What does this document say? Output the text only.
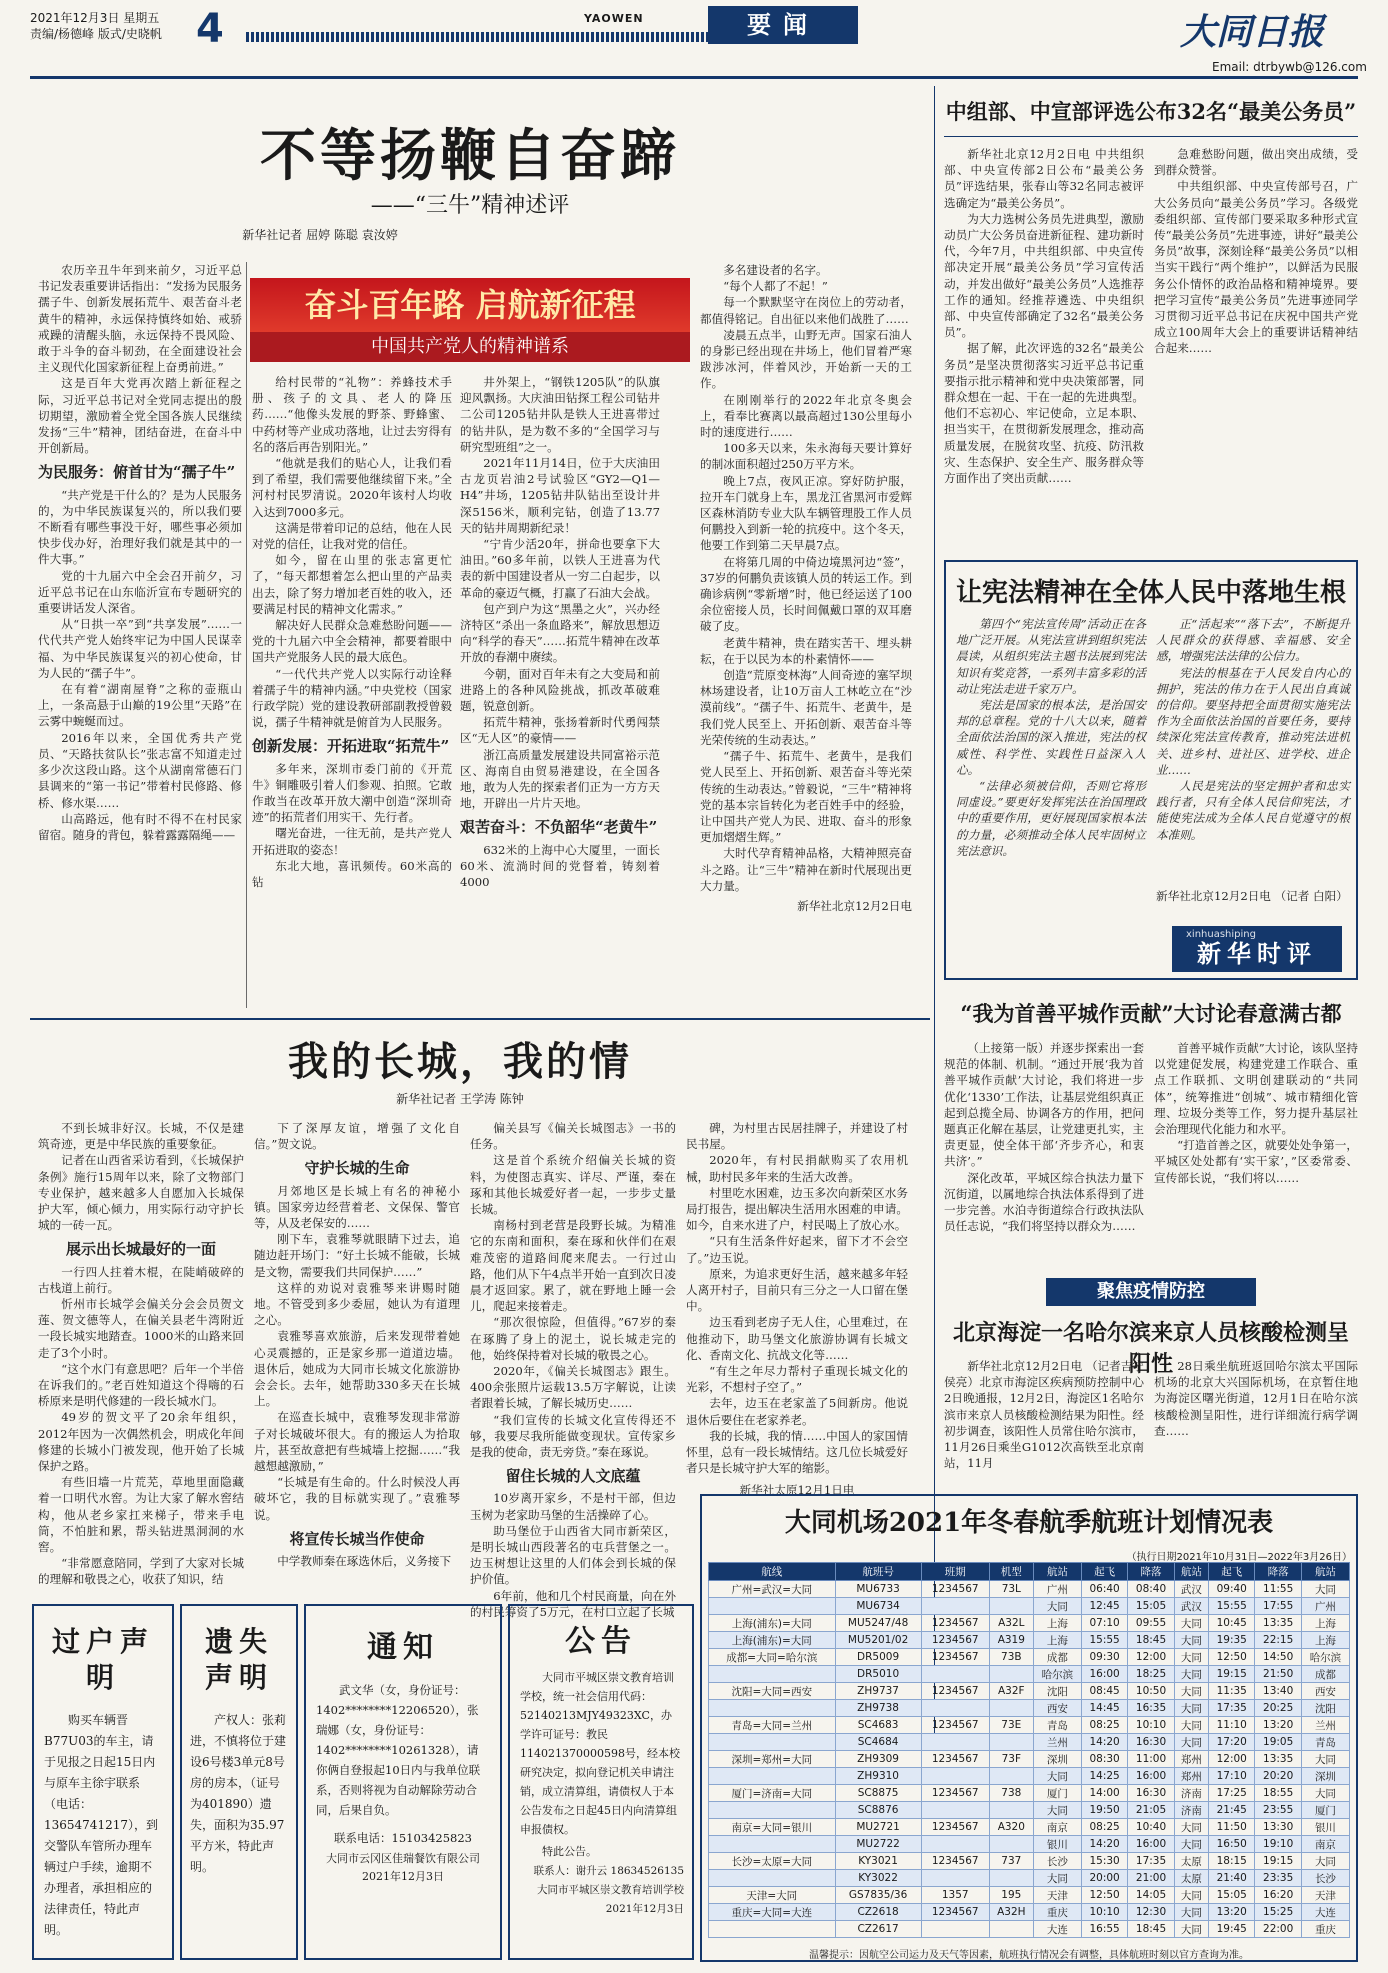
2021年12月3日 星期五
责编/杨德峰 版式/史晓帆 4	YAOWEN	要闻	大同日报
Email: dtrbywb@126.com
不等扬鞭自奋蹄
——“三牛”精神述评
新华社记者 屈婷 陈聪 袁汝婷
奋斗百年路 启航新征程
中国共产党人的精神谱系

农历辛丑牛年到来前夕，习近平总书记发表重要讲话指出：“发扬为民服务孺子牛、创新发展拓荒牛、艰苦奋斗老黄牛的精神，永远保持慎终如始、戒骄戒躁的清醒头脑，永远保持不畏风险、敢于斗争的奋斗韧劲，在全面建设社会主义现代化国家新征程上奋勇前进。”

这是百年大党再次踏上新征程之际，习近平总书记对全党同志提出的殷切期望，激励着全党全国各族人民继续发扬“三牛”精神，团结奋进，在奋斗中开创新局。

为民服务：俯首甘为“孺子牛”

“共产党是干什么的？是为人民服务的，为中华民族谋复兴的，所以我们要不断看有哪些事没干好，哪些事必须加快步伐办好，治理好我们就是其中的一件大事。”

党的十九届六中全会召开前夕，习近平总书记在山东临沂宣布专题研究的重要讲话发人深省。

从“日拱一卒”到“共享发展”……一代代共产党人始终牢记为中国人民谋幸福、为中华民族谋复兴的初心使命，甘为人民的“孺子牛”。

在有着“湖南屋脊”之称的壶瓶山上，一条高悬于山巅的19公里“天路”在云雾中蜿蜒而过。

2016年以来，全国优秀共产党员、“天路扶贫队长”张志富不知道走过多少次这段山路。这个从湖南常德石门县调来的“第一书记”带着村民修路、修桥、修水渠……

山高路远，他有时不得不在村民家留宿。随身的背包，躲着露露隔绳——

给村民带的“礼物”：养蜂技术手册、孩子的文具、老人的降压药……“他像头发展的野茶、野蜂蜜、中药材等产业成功落地，让过去穷得有名的落后再告别阳光。”

“他就是我们的贴心人，让我们看到了希望，我们需要他继续留下来。”全河村村民罗清说。2020年该村人均收入达到7000多元。

这满是带着印记的总结，他在人民对党的信任，让我对党的信任。

如今，留在山里的张志富更忙了，“每天都想着怎么把山里的产品卖出去，除了努力增加老百姓的收入，还要满足村民的精神文化需求。”

解决好人民群众急难愁盼问题——党的十九届六中全会精神，都要着眼中国共产党服务人民的最大底色。

“一代代共产党人以实际行动诠释着孺子牛的精神内涵。”中央党校（国家行政学院）党的建设教研部副教授曾毅说，孺子牛精神就是俯首为人民服务。

创新发展：开拓进取“拓荒牛”

多年来，深圳市委门前的《开荒牛》铜雕吸引着人们参观、拍照。它敢作敢当在改革开放大潮中创造“深圳奇迹”的拓荒者们用实干、先行者。

曙光奋进，一往无前，是共产党人开拓进取的姿态！

东北大地，喜讯频传。60米高的钻

井外架上，“钢铁1205队”的队旗迎风飘扬。大庆油田钻探工程公司钻井二公司1205钻井队是铁人王进喜带过的钻井队，是为数不多的“全国学习与研究型班组”之一。

2021年11月14日，位于大庆油田古龙页岩油2号试验区“GY2—Q1—H4”井场，1205钻井队钻出至设计井深5156米，顺利完钻，创造了13.77天的钻井周期新纪录！

“宁肯少活20年，拼命也要拿下大油田。”60多年前，以铁人王进喜为代表的新中国建设者从一穷二白起步，以革命的豪迈气概，打赢了石油大会战。

包产到户为这“黑墨之火”，兴办经济特区“杀出一条血路来”，解放思想迈向“科学的春天”……拓荒牛精神在改革开放的春潮中赓续。

今朝，面对百年未有之大变局和前进路上的各种风险挑战，抓改革破难题，锐意创新。

拓荒牛精神，张扬着新时代勇闯禁区“无人区”的豪情——

浙江高质量发展建设共同富裕示范区、海南自由贸易港建设，在全国各地，敢为人先的探索者们正为一方方天地，开辟出一片片天地。

艰苦奋斗：不负韶华“老黄牛”

632米的上海中心大厦里，一面长60米、流淌时间的党督着，铸刻着4000

多名建设者的名字。

“每个人都了不起！”

每一个默默坚守在岗位上的劳动者，都值得铭记。自出征以来他们战胜了……

凌晨五点半，山野无声。国家石油人的身影已经出现在井场上，他们冒着严寒跋涉冰河，伴着风沙，开始新一天的工作。

在刚刚举行的2022年北京冬奥会上，看奉比赛离以最高超过130公里每小时的速度进行……

100多天以来，朱永海每天要计算好的制冰面积超过250万平方米。

晚上7点，夜风正凉。穿好防护服，拉开车门就身上车，黑龙江省黑河市爱辉区森林消防专业大队车辆管理股工作人员何鹏投入到新一轮的抗疫中。这个冬天，他要工作到第二天早晨7点。

在将第几周的中倚边境黑河边“签”，37岁的何鹏负责该镇人员的转运工作。到确诊病例“零新增”时，他已经运送了100余位密接人员，长时间佩戴口罩的双耳磨破了皮。

老黄牛精神，贵在踏实苦干、埋头耕耘，在于以民为本的朴素情怀——

创造“荒原变林海”人间奇迹的塞罕坝林场建设者，让10万亩人工林屹立在“沙漠前线”。“孺子牛、拓荒牛、老黄牛，是我们党人民至上、开拓创新、艰苦奋斗等光荣传统的生动表达。”

“孺子牛、拓荒牛、老黄牛，是我们党人民至上、开拓创新、艰苦奋斗等光荣传统的生动表达。”曾毅说，“三牛”精神将党的基本宗旨转化为老百姓手中的经验，让中国共产党人为民、进取、奋斗的形象更加熠熠生辉。”

大时代孕育精神品格，大精神照亮奋斗之路。让“三牛”精神在新时代展现出更大力量。

新华社北京12月2日电
我的长城，我的情
新华社记者 王学涛 陈钟

不到长城非好汉。长城，不仅是建筑奇迹，更是中华民族的重要象征。

记者在山西省采访看到，《长城保护条例》施行15周年以来，除了文物部门专业保护，越来越多人自愿加入长城保护大军，倾心倾力，用实际行动守护长城的一砖一瓦。

展示出长城最好的一面

一行四人拄着木棍，在陡峭破碎的古栈道上前行。

忻州市长城学会偏关分会会员贺文莲、贺文德等人，在偏关县老牛湾附近一段长城实地踏查。1000米的山路来回走了3个小时。

“这个水门有意思吧？后年一个半倍在诉我们的。”老百姓知道这个得嗨的石桥原来是明代修建的一段长城水门。

49岁的贺文平了20余年组织，2012年因为一次偶然机会，明成化年间修建的长城小门被发现，他开始了长城保护之路。

有些旧墙一片荒芜，草地里面隐藏着一口明代水窖。为让大家了解水窖结构，他从老乡家扛来梯子，带来手电筒，不怕脏和累，帮头钻进黑洞洞的水窖。

“非常愿意陪同，学到了大家对长城的理解和敬畏之心，收获了知识，结

下了深厚友谊，增强了文化自信。”贺文说。

守护长城的生命

月郊地区是长城上有名的神秘小镇。国家旁边经营着老、文保保、警官等，从及老保安的……

刚下车，袁雅琴就眼睛下过去，追随边赶开场门：“好土长城不能破，长城是文物，需要我们共同保护……”

这样的劝说对袁雅琴来讲赐时随地。不管受到多少委屈，她认为有道理之心。

袁雅琴喜欢旅游，后来发现带着她心灵震撼的，正是家乡那一道道边墙。退休后，她成为大同市长城文化旅游协会会长。去年，她帮助330多天在长城上。

在巡查长城中，袁雅琴发现非常游子对长城破坏很大。有的搬运人为拾取片，甚至故意把有些城墙上挖掘……“我越想越激励，”

“长城是有生命的。什么时候没人再破坏它，我的目标就实现了。”袁雅琴说。

将宣传长城当作使命

中学教师秦在琢选休后，义务接下

偏关县写《偏关长城图志》一书的任务。

这是首个系统介绍偏关长城的资料，为使图志真实、详尽、严谨，秦在琢和其他长城爱好者一起，一步步丈量长城。

南杨村到老营是段野长城。为精准它的东南和面积，秦在琢和伙伴们在艰难茂密的道路间爬来爬去。一行过山路，他们从下午4点半开始一直到次日凌晨才返回家。累了，就在野地上睡一会儿，爬起来接着走。

“那次很惊险，但值得。”67岁的秦在琢腾了身上的泥土，说长城走完的他，始终保持着对长城的敬畏之心。

2020年，《偏关长城图志》跟生。400余张照片运载13.5万字解说，让读者跟着长城，了解长城历史……

“我们宣传的长城文化宣传得还不够，我要尽我所能做变现状。宣传家乡是我的使命，责无旁贷。”秦在琢说。

留住长城的人文底蕴

10岁离开家乡，不是村干部，但边玉树为老家助马堡的生活操碎了心。

助马堡位于山西省大同市新荣区，是明长城山西段著名的屯兵营堡之一。边玉树想让这里的人们体会到长城的保护价值。

6年前，他和几个村民商量，向在外的村民筹资了5万元，在村口立起了长城

碑，为村里古民居挂牌子，并建设了村民书屋。

2020年，有村民捐献购买了农用机械，助村民多年来的生活大改善。

村里吃水困难，边玉多次向新荣区水务局打报告，提出解决生活用水困难的申请。如今，自来水进了户，村民喝上了放心水。

“只有生活条件好起来，留下才不会空了。”边玉说。

原来，为追求更好生活，越来越多年轻人离开村子，目前只有三分之一人口留在堡中。

边玉看到老房子无人住，心里难过，在他推动下，助马堡文化旅游协调有长城文化、香南文化、抗战文化等……

“有生之年尽力帮村子重现长城文化的光彩，不想村子空了。”

去年，边玉在老家盖了5间新房。他说退休后要住在老家养老。

我的长城，我的情……中国人的家国情怀里，总有一段长城情结。这几位长城爱好者只是长城守护大军的缩影。

新华社太原12月1日电
中组部、中宣部评选公布32名“最美公务员”

新华社北京12月2日电 中共组织部、中央宣传部2日公布“最美公务员”评选结果，张春山等32名同志被评选确定为“最美公务员”。

为大力选树公务员先进典型，激励动员广大公务员奋进新征程、建功新时代，今年7月，中共组织部、中央宣传部决定开展“最美公务员”学习宣传活动，并发出做好“最美公务员”人选推荐工作的通知。经推荐遴选、中央组织部、中央宣传部确定了32名“最美公务员”。

据了解，此次评选的32名“最美公务员”是坚决贯彻落实习近平总书记重要指示批示精神和党中央决策部署，同群众想在一起、干在一起的先进典型。他们不忘初心、牢记使命，立足本职、担当实干，在贯彻新发展理念，推动高质量发展，在脱贫攻坚、抗疫、防汛救灾、生态保护、安全生产、服务群众等方面作出了突出贡献……

急难愁盼问题，做出突出成绩，受到群众赞誉。

中共组织部、中央宣传部号召，广大公务员向“最美公务员”学习。各级党委组织部、宣传部门要采取多种形式宣传“最美公务员”先进事迹，讲好“最美公务员”故事，深刻诠释“最美公务员”以相当实干践行“两个维护”，以鲜活为民服务公仆情怀的政治品格和精神境界。要把学习宣传“最美公务员”先进事迹同学习贯彻习近平总书记在庆祝中国共产党成立100周年大会上的重要讲话精神结合起来……

让宪法精神在全体人民中落地生根

第四个“宪法宣传周”活动正在各地广泛开展。从宪法宣讲到组织宪法晨读，从组织宪法主题书法展到宪法知识有奖竞答，一系列丰富多彩的活动让宪法走进千家万户。

宪法是国家的根本法，是治国安邦的总章程。党的十八大以来，随着全面依法治国的深入推进，宪法的权威性、科学性、实践性日益深入人心。

“法律必须被信仰，否则它将形同虚设。”要更好发挥宪法在治国理政中的重要作用，更好展现国家根本法的力量，必须推动全体人民牢固树立宪法意识。

正“活起来”“落下去”，不断提升人民群众的获得感、幸福感、安全感，增强宪法法律的公信力。

宪法的根基在于人民发自内心的拥护，宪法的伟力在于人民出自真诚的信仰。要坚持把全面贯彻实施宪法作为全面依法治国的首要任务，要持续深化宪法宣传教育，推动宪法进机关、进乡村、进社区、进学校、进企业……

人民是宪法的坚定拥护者和忠实践行者，只有全体人民信仰宪法，才能使宪法成为全体人民自觉遵守的根本准则。

新华社北京12月2日电 （记者 白阳）
xinhuashiping
新华时评
“我为首善平城作贡献”大讨论春意满古都

（上接第一版）并逐步探索出一套规范的体制、机制。“通过开展‘我为首善平城作贡献’大讨论，我们将进一步优化‘1330’工作法，让基层党组织真正起到总揽全局、协调各方的作用，把问题真正化解在基层，让党建更扎实，主责更显，使全体干部‘齐步齐心，和衷共济’。”

深化改革，平城区综合执法力量下沉街道，以属地综合执法体系得到了进一步完善。水泊寺街道综合行政执法队员任志说，“我们将坚持以群众为……

首善平城作贡献”大讨论，该队坚持以党建促发展，构建党建工作联合、重点工作联抓、文明创建联动的“共同体”，统筹推进“创城”、城市精细化管理、垃圾分类等工作，努力提升基层社会治理现代化能力和水平。

“打造首善之区，就要处处争第一，平城区处处都有‘实干家’，”区委常委、宣传部长说，“我们将以……

聚焦疫情防控
北京海淀一名哈尔滨来京人员核酸检测呈阳性

新华社北京12月2日电 （记者吉宁 侯亮）北京市海淀区疾病预防控制中心2日晚通报，12月2日，海淀区1名哈尔滨市来京人员核酸检测结果为阳性。经初步调查，该阳性人员常住哈尔滨市，11月26日乘坐G1012次高铁至北京南站，11月

28日乘坐航班返回哈尔滨太平国际机场的北京大兴国际机场，在京暂住地为海淀区曙光街道，12月1日在哈尔滨核酸检测呈阳性，进行详细流行病学调查……

大同机场2021年冬春航季航班计划情况表
（执行日期2021年10月31日—2022年3月26日）
航线	航班号	班期	机型	航站	起飞	降落	航站	起飞	降落	航站
广州=武汉=大同	MU6733	1234567	73L	广州	06:40	08:40	武汉	09:40	11:55	大同
	MU6734			大同	12:45	15:05	武汉	15:55	17:55	广州
上海(浦东)=大同	MU5247/48	1234567	A32L	上海	07:10	09:55	大同	10:45	13:35	上海
上海(浦东)=大同	MU5201/02	1234567	A319	上海	15:55	18:45	大同	19:35	22:15	上海
成都=大同=哈尔滨	DR5009	1234567	73B	成都	09:30	12:00	大同	12:50	14:50	哈尔滨
	DR5010			哈尔滨	16:00	18:25	大同	19:15	21:50	成都
沈阳=大同=西安	ZH9737	1234567	A32F	沈阳	08:45	10:50	大同	11:35	13:40	西安
	ZH9738			西安	14:45	16:35	大同	17:35	20:25	沈阳
青岛=大同=兰州	SC4683	1234567	73E	青岛	08:25	10:10	大同	11:10	13:20	兰州
	SC4684			兰州	14:20	16:30	大同	17:20	19:05	青岛
深圳=郑州=大同	ZH9309	1234567	73F	深圳	08:30	11:00	郑州	12:00	13:35	大同
	ZH9310			大同	14:25	16:00	郑州	17:10	20:20	深圳
厦门=济南=大同	SC8875	1234567	738	厦门	14:00	16:30	济南	17:25	18:55	大同
	SC8876			大同	19:50	21:05	济南	21:45	23:55	厦门
南京=大同=银川	MU2721	1234567	A320	南京	08:25	10:40	大同	11:50	13:30	银川
	MU2722			银川	14:20	16:00	大同	16:50	19:10	南京
长沙=太原=大同	KY3021	1234567	737	长沙	15:30	17:35	太原	18:15	19:15	大同
	KY3022			大同	20:00	21:00	太原	21:40	23:35	长沙
天津=大同	GS7835/36	1357	195	天津	12:50	14:05	大同	15:05	16:20	天津
重庆=大同=大连	CZ2618	1234567	A32H	重庆	10:10	12:30	大同	13:20	15:25	大连
	CZ2617			大连	16:55	18:45	大同	19:45	22:00	重庆
温馨提示：因航空公司运力及天气等因素，航班执行情况会有调整，具体航班时刻以官方查询为准。
过户声明
购买车辆晋B77U03的车主，请于见报之日起15日内与原车主徐宇联系（电话：13654741217），到交警队车管所办理车辆过户手续，逾期不办理者，承担相应的法律责任，特此声明。
遗失声明
产权人：张莉进，不慎将位于建设6号楼3单元8号房的房本，（证号为401890）遗失，面积为35.97平方米，特此声明。
通知
武文华（女，身份证号：1402********12206520），张瑞娜（女，身份证号：1402********10261328），请你俩自登报起10日内与我单位联系，否则将视为自动解除劳动合同，后果自负。
联系电话：15103425823
大同市云冈区佳瑞餐饮有限公司
2021年12月3日
公告
大同市平城区崇文教育培训学校，统一社会信用代码：52140213MJY49323XC，办学许可证号：教民114021370000598号，经本校研究决定，拟向登记机关申请注销，成立清算组，请债权人于本公告发布之日起45日内向清算组申报债权。
特此公告。
联系人：谢升云 18634526135
大同市平城区崇文教育培训学校
2021年12月3日
